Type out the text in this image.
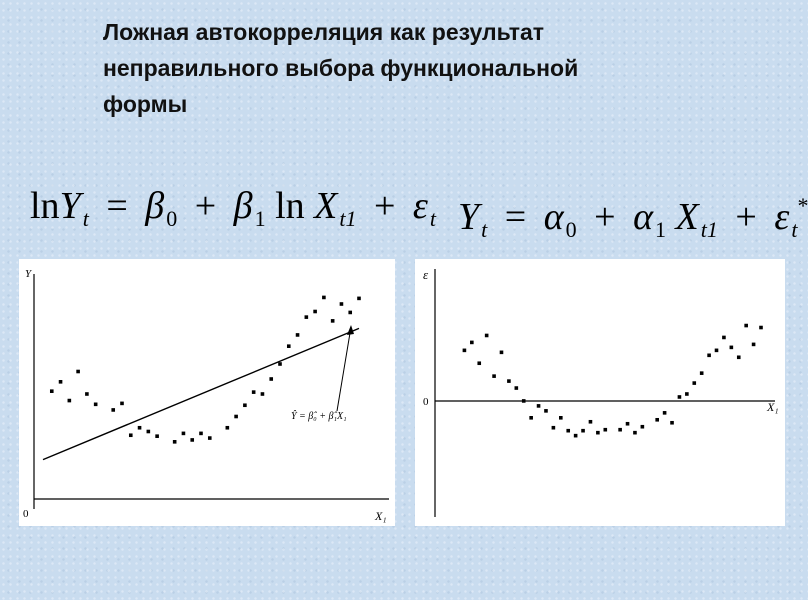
Ложная автокорреляция как результат
неправильного выбора функциональной
формы
$\ln Y_t = \beta_0 + \beta_1$ $\ln X_{t1} + \varepsilon_t$ $Y_t = \alpha_0 + \alpha_1$ $X_{t1} + \varepsilon_t^*$
Y
0	X₁
Ŷ = β̂₀ + β̂₁X₁
ε
0	X₁
